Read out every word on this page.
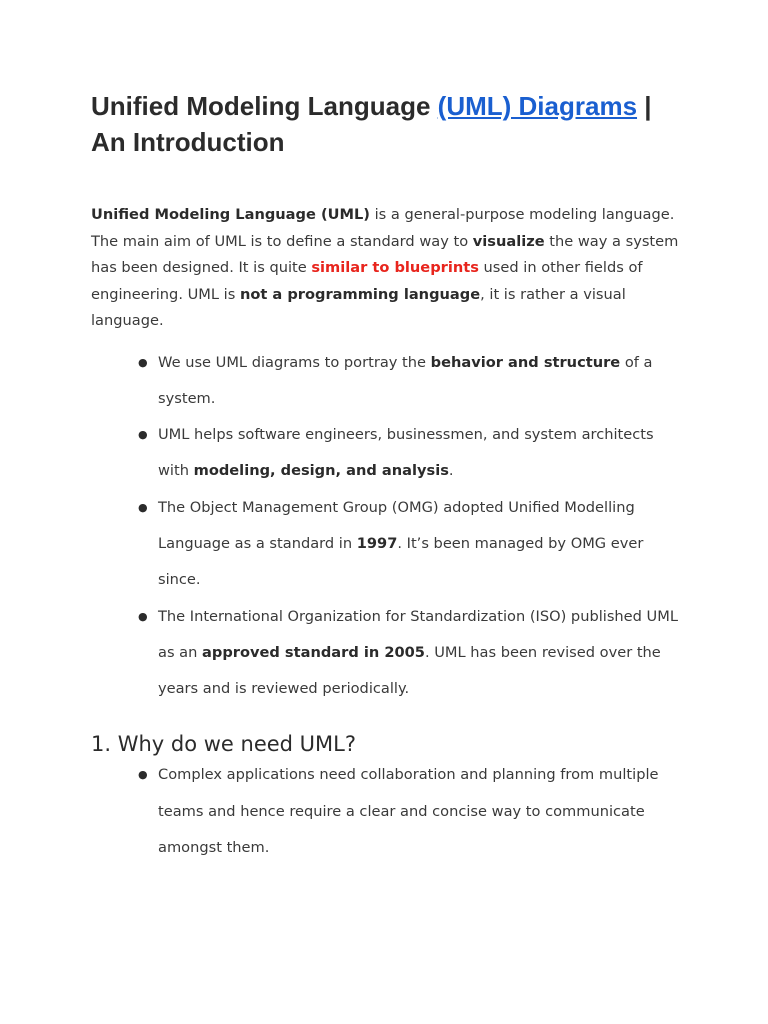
Unified Modeling Language (UML) Diagrams | An Introduction

Unified Modeling Language (UML) is a general-purpose modeling language. The main aim of UML is to define a standard way to visualize the way a system has been designed. It is quite similar to blueprints used in other fields of engineering. UML is not a programming language, it is rather a visual language.

● We use UML diagrams to portray the behavior and structure of a system.
● UML helps software engineers, businessmen, and system architects with modeling, design, and analysis.
● The Object Management Group (OMG) adopted Unified Modelling Language as a standard in 1997. It’s been managed by OMG ever since.
● The International Organization for Standardization (ISO) published UML as an approved standard in 2005. UML has been revised over the years and is reviewed periodically.
1. Why do we need UML?
● Complex applications need collaboration and planning from multiple teams and hence require a clear and concise way to communicate amongst them.
